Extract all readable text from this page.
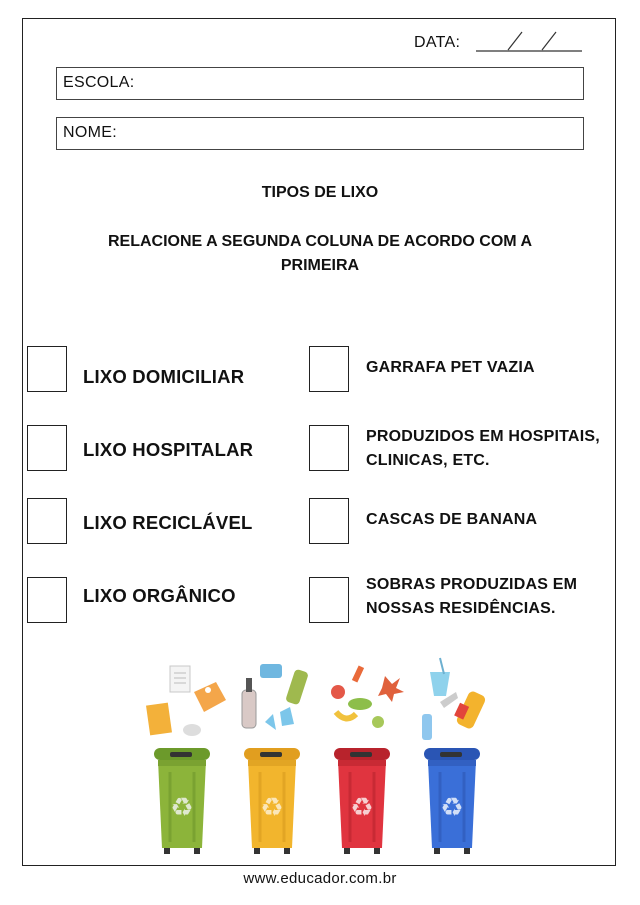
DATA:
ESCOLA:
NOME:
TIPOS DE LIXO
RELACIONE A SEGUNDA COLUNA DE ACORDO COM A PRIMEIRA
LIXO DOMICILIAR
LIXO HOSPITALAR
LIXO RECICLÁVEL
LIXO ORGÂNICO
GARRAFA PET VAZIA
PRODUZIDOS EM HOSPITAIS,
CLINICAS, ETC.
CASCAS DE BANANA
SOBRAS PRODUZIDAS EM
NOSSAS RESIDÊNCIAS.
♻	♻	♻	♻
www.educador.com.br
